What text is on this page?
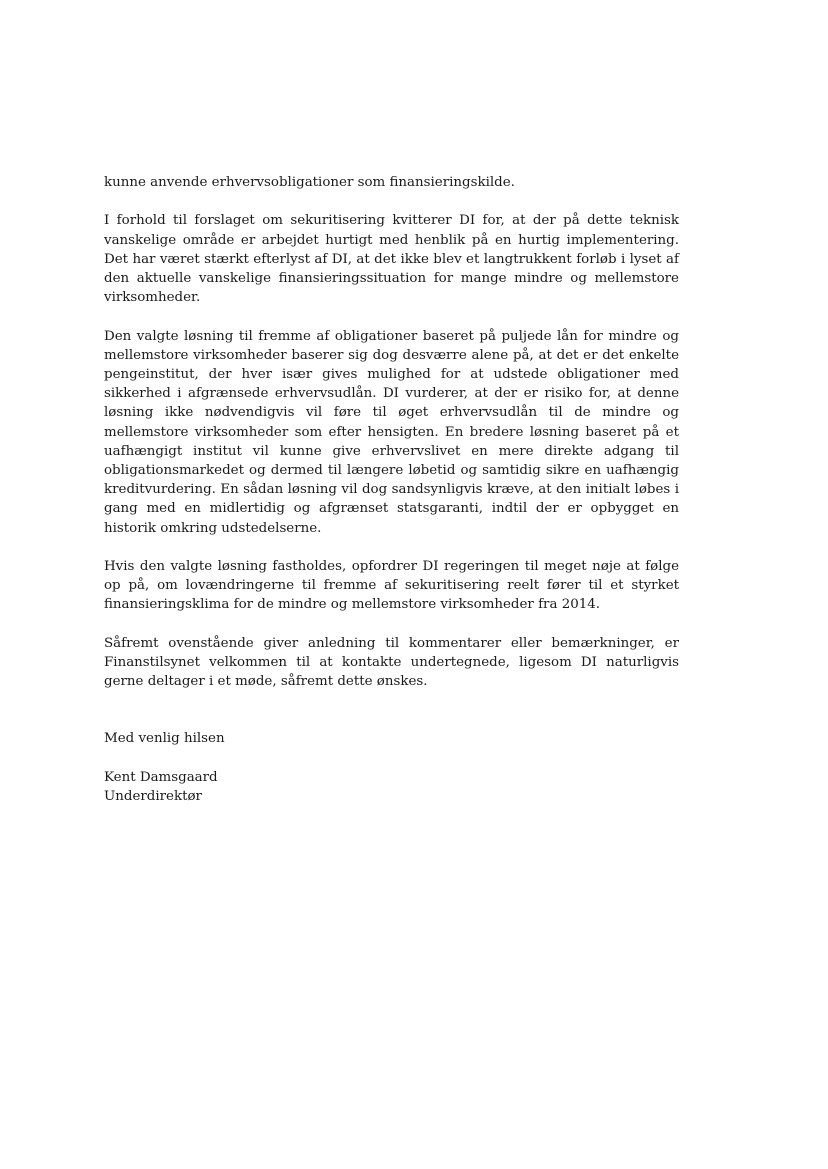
kunne anvende erhvervsobligationer som finansieringskilde.

I forhold til forslaget om sekuritisering kvitterer DI for, at der på dette teknisk vanskelige område er arbejdet hurtigt med henblik på en hurtig implementering. Det har været stærkt efterlyst af DI, at det ikke blev et langtrukkent forløb i lyset af den aktuelle vanskelige finansieringssituation for mange mindre og mellemstore virksomheder.

Den valgte løsning til fremme af obligationer baseret på puljede lån for mindre og mellemstore virksomheder baserer sig dog desværre alene på, at det er det enkelte pengeinstitut, der hver især gives mulighed for at udstede obligationer med sikkerhed i afgrænsede erhvervsudlån. DI vurderer, at der er risiko for, at denne løsning ikke nødvendigvis vil føre til øget erhvervsudlån til de mindre og mellemstore virksomheder som efter hensigten. En bredere løsning baseret på et uafhængigt institut vil kunne give erhvervslivet en mere direkte adgang til obligationsmarkedet og dermed til længere løbetid og samtidig sikre en uafhængig kreditvurdering. En sådan løsning vil dog sandsynligvis kræve, at den initialt løbes i gang med en midlertidig og afgrænset statsgaranti, indtil der er opbygget en historik omkring udstedelserne.

Hvis den valgte løsning fastholdes, opfordrer DI regeringen til meget nøje at følge op på, om lovændringerne til fremme af sekuritisering reelt fører til et styrket finansieringsklima for de mindre og mellemstore virksomheder fra 2014.

Såfremt ovenstående giver anledning til kommentarer eller bemærkninger, er Finanstilsynet velkommen til at kontakte undertegnede, ligesom DI naturligvis gerne deltager i et møde, såfremt dette ønskes.

Med venlig hilsen

Kent Damsgaard
Underdirektør
